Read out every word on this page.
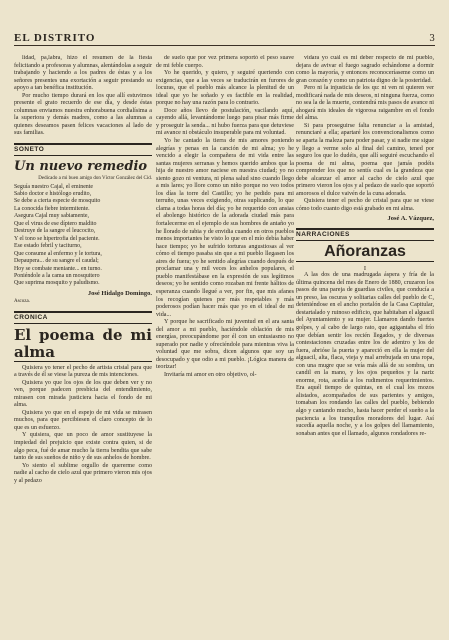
EL DISTRITO	3

lidad, pa,labra, hizo el resumen de la fiesta felicitando a profesoras y alumnas, alentándolas a seguir trabajando y haciendo a los padres de éstas y a los señores presentes una exortación a seguir prestando su apoyo a tan benéfica institución.

Por mucho tiempo durará en los que allí estuvimos presente el grato recuerdo de ese día, y desde éstas columnas enviamos nuestra enhorabuena cordialísima a la superiora y demás madres, como a las alumnas a quienes deseamos pasen felices vacaciones al lado de sus familias.

SONETO
Un nuevo remedio
Dedicado a mi buen amigo don Víctor González del Cid.
Seguía nuestro Cajal, el eminente
Sabio doctor e histólogo erudito,
Se debe a cierta especie de mosquito
La conocida fiebre intermitente.
Asegura Cajal muy sabiamente,
Que el virus de ese díptero maldito
Destruye de la sangre el leucocito,
Y el tono se hipertrofia del paciente.
Ese estado febril y taciturno,
Que consume al enfermo y le tortura,
Depaupera... de su sangre el caudal;
Hoy se combate meniante... en turno.
Poniéndole a la cama un mosquitero
Que suprima mosquito y paludismo.
José Hidalgo Domingo.
Ascoza.
CRONICA
El poema de mi alma

Quisiera yo tener el pecho de artista cristal para que a través de él se viese la pureza de mis intenciones.

Quisiera yo que los ojos de los que deben ver y no ven, porque padecen presbicia del entendimiento, mirasen con mirada justiciera hacia el fondo de mi alma.

Quisiera yo que en el espejo de mi vida se mirasen muchos, para que percibiesen el claro concepto de lo que es un esfuerzo.

Y quisiera, que un poco de amor sustituyese la impiedad del prejuicio que existe contra quien, si de algo peca, fué de amar mucho la tierra bendita que sabe tanto de sus sueños de niño y de sus anhelos de hombre.

Yo siento el sublime orgullo de quererme como nadie al cacho de cielo azul que primero vieron mis ojos y al pedazo

de suelo que por vez primera soportó el peso suave de mi feble cuerpo.

Yo he querido, y quiero, y seguiré queriendo con exigencias, que a las veces se traducirán en furores de locuras, que el pueblo más alcance la plenitud de un ideal que yo he soñado y es factible en la realidad, porque no hay una razón para lo contrario.

Doce años llevo de postulación, vacilando aquí, cayendo allá, levantándome luego para pisar más firme y proseguir la senda... ni hubo fuerza para que detuviese mi avance ni obstáculo insuperable para mi voluntad.

Yo he cantado la tierra de mis amores poniendo alegrías y penas en la canción de mi alma; yo he vencido a elegir la compañera de mi vida entre las santas mujeres serranas y hemos querido ambos que la hija de nuestro amor naciese en nuestra ciudad; yo no siento gozo ni ventura, ni plena salud sino cuando llego a mis lares; yo llore como un niño porque no veo todos los días la torre del Castillo; yo he pedido para mi terruño, unas veces exigiendo, otras suplicando, lo que clama a todas horas del día; yo he requerido con ansias el abolengo histórico de la adorada ciudad más para fortalecerme en el ejemplo de sus hombres de antaño yo he llorado de rabia y de envidia cuando en otros pueblos menos importantes he visto lo que en el mío debía haber hace tiempo; yo he sufrido torturas angustiosas al ver cómo el tiempo pasaba sin que a mi pueblo llegasen los aires de fuera; yo he sentido alegrías cuando después de proclamar una y mil veces los anhelos populares, el pueblo manifestábase en la expresión de sus legítimos deseos; yo he sentido como rozaban mi frente hálitos de esperanza cuando llegué a ver, por fin, que mis afanes los recogían quienes por más respetables y más poderosos podían hacer más que yo en el ideal de mi vida...

Y porque he sacrificado mi juventud en el ara santa del amor a mi pueblo, haciéndole oblación de mis energías, preocupándome por él con un entusiasmo no superado por nadie y ofreciéndole para mientras viva la voluntad que me sobra, dicen algunos que soy un desocupado y que odio a mi pueblo. ¡Lógica manera de teorizar!

Invitaría mi amor en otro objetivo, ol-

vidara yo cuál es mi deber respecto de mi pueblo, dejara de avivar el fuego sagrado echándome a dormir como la mayoría, y entonces reconoceríaseme como un gran corazón y como un patriota digno de la posteridad.

Pero ni la injusticia de los qu: ni ven ni quieren ver modificará nada de mis deseos, ni ninguna fuerza, como no sea la de la muerte, contendrá mis pasos de avance ni ahogará mis ideales de vigorosa raigambre en el fondo del alma.

Si para proseguirse falta renunciar a la amistad, renunciaré a ella; apartaré los convencionalismos como se aparta la maleza para poder pasar, y si nadie me sigue y llego a verme solo al final del camino, tened por seguro los que lo dudéis, que allí seguiré escuchando el poema de mi alma, poema que jamás podéis comprender los que no sentís cual es la grandeza que debe alcanzar el amor al cacho de cielo azul que primero vieron los ojos y al pedazo de suelo que soportó amorosos el dulce vaivén de la cuna adorada.

Quisiera tener el pecho de cristal para que se viese cómo todo cuanto digo está grabado en mi alma.

José A. Vázquez,
NARRACIONES
Añoranzas
I

A las dos de una madrugada áspera y fría de la última quincena del mes de Enero de 1880, cruzaron los pasos de una pareja de guardias civiles, que conducía a un preso, las oscuras y solitarias calles del pueblo de C, deteniéndose en el ancho portalón de la Casa Capitular, destartalado y ruinoso edificio, que habitaban el alguacil del Ayuntamiento y su mujer. Llamaron dando fuertes golpes, y al cabo de largo rato, que agigantaba el frío que debían sentir los recién llegados, y de diversas contestaciones cruzadas entre los de adentro y los de fuera, abrióse la puerta y apareció en ella la mujer del alguacil, alta, flaca, vieja y mal arrebujada en una ropa, con una mugre que se veía más allá de su sombra, un candil en la mano, y los ojos pequeños y la nariz enorme, rota, acedía a los rudimentos requerimientos. Era aquél tiempo de quintas, en el cual los mozos alistados, acompañados de sus parientes y amigos, tomaban los rondando las calles del pueblo, bebiendo algo y cantando mucho, hasta hacer perder el sueño a la paciencia a los tranquilos moradores del lugar. Así sucedía aquella noche, y a los golpes del llamamiento, sonaban antes que el llamado, algunos rondadores re-
